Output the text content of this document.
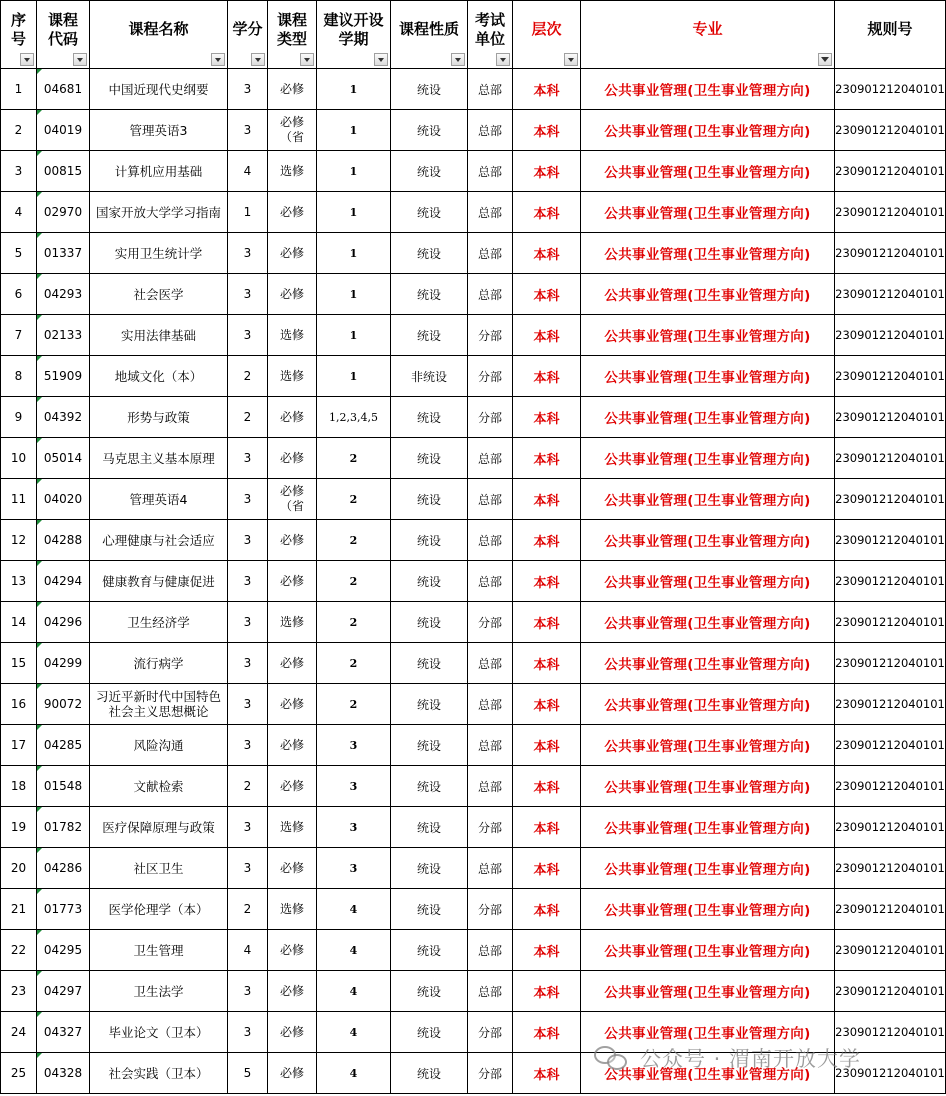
序号	课程代码	课程名称	学分	课程类型	建议开设学期	课程性质	考试单位	层次	专业	规则号

1	04681	中国近现代史纲要	3	必修	1	统设	总部	本科	公共事业管理(卫生事业管理方向)	230901212040101
2	04019	管理英语3	3	必修（省	1	统设	总部	本科	公共事业管理(卫生事业管理方向)	230901212040101
3	00815	计算机应用基础	4	选修	1	统设	总部	本科	公共事业管理(卫生事业管理方向)	230901212040101
4	02970	国家开放大学学习指南	1	必修	1	统设	总部	本科	公共事业管理(卫生事业管理方向)	230901212040101
5	01337	实用卫生统计学	3	必修	1	统设	总部	本科	公共事业管理(卫生事业管理方向)	230901212040101
6	04293	社会医学	3	必修	1	统设	总部	本科	公共事业管理(卫生事业管理方向)	230901212040101
7	02133	实用法律基础	3	选修	1	统设	分部	本科	公共事业管理(卫生事业管理方向)	230901212040101
8	51909	地域文化（本）	2	选修	1	非统设	分部	本科	公共事业管理(卫生事业管理方向)	230901212040101
9	04392	形势与政策	2	必修	1,2,3,4,5	统设	分部	本科	公共事业管理(卫生事业管理方向)	230901212040101
10	05014	马克思主义基本原理	3	必修	2	统设	总部	本科	公共事业管理(卫生事业管理方向)	230901212040101
11	04020	管理英语4	3	必修（省	2	统设	总部	本科	公共事业管理(卫生事业管理方向)	230901212040101
12	04288	心理健康与社会适应	3	必修	2	统设	总部	本科	公共事业管理(卫生事业管理方向)	230901212040101
13	04294	健康教育与健康促进	3	必修	2	统设	总部	本科	公共事业管理(卫生事业管理方向)	230901212040101
14	04296	卫生经济学	3	选修	2	统设	分部	本科	公共事业管理(卫生事业管理方向)	230901212040101
15	04299	流行病学	3	必修	2	统设	总部	本科	公共事业管理(卫生事业管理方向)	230901212040101
16	90072	习近平新时代中国特色社会主义思想概论	3	必修	2	统设	总部	本科	公共事业管理(卫生事业管理方向)	230901212040101
17	04285	风险沟通	3	必修	3	统设	总部	本科	公共事业管理(卫生事业管理方向)	230901212040101
18	01548	文献检索	2	必修	3	统设	总部	本科	公共事业管理(卫生事业管理方向)	230901212040101
19	01782	医疗保障原理与政策	3	选修	3	统设	分部	本科	公共事业管理(卫生事业管理方向)	230901212040101
20	04286	社区卫生	3	必修	3	统设	总部	本科	公共事业管理(卫生事业管理方向)	230901212040101
21	01773	医学伦理学（本）	2	选修	4	统设	分部	本科	公共事业管理(卫生事业管理方向)	230901212040101
22	04295	卫生管理	4	必修	4	统设	总部	本科	公共事业管理(卫生事业管理方向)	230901212040101
23	04297	卫生法学	3	必修	4	统设	总部	本科	公共事业管理(卫生事业管理方向)	230901212040101
24	04327	毕业论文（卫本）	3	必修	4	统设	分部	本科	公共事业管理(卫生事业管理方向)	230901212040101
25	04328	社会实践（卫本）	5	必修	4	统设	分部	本科	公共事业管理(卫生事业管理方向)	230901212040101
公众号 · 渭南开放大学
